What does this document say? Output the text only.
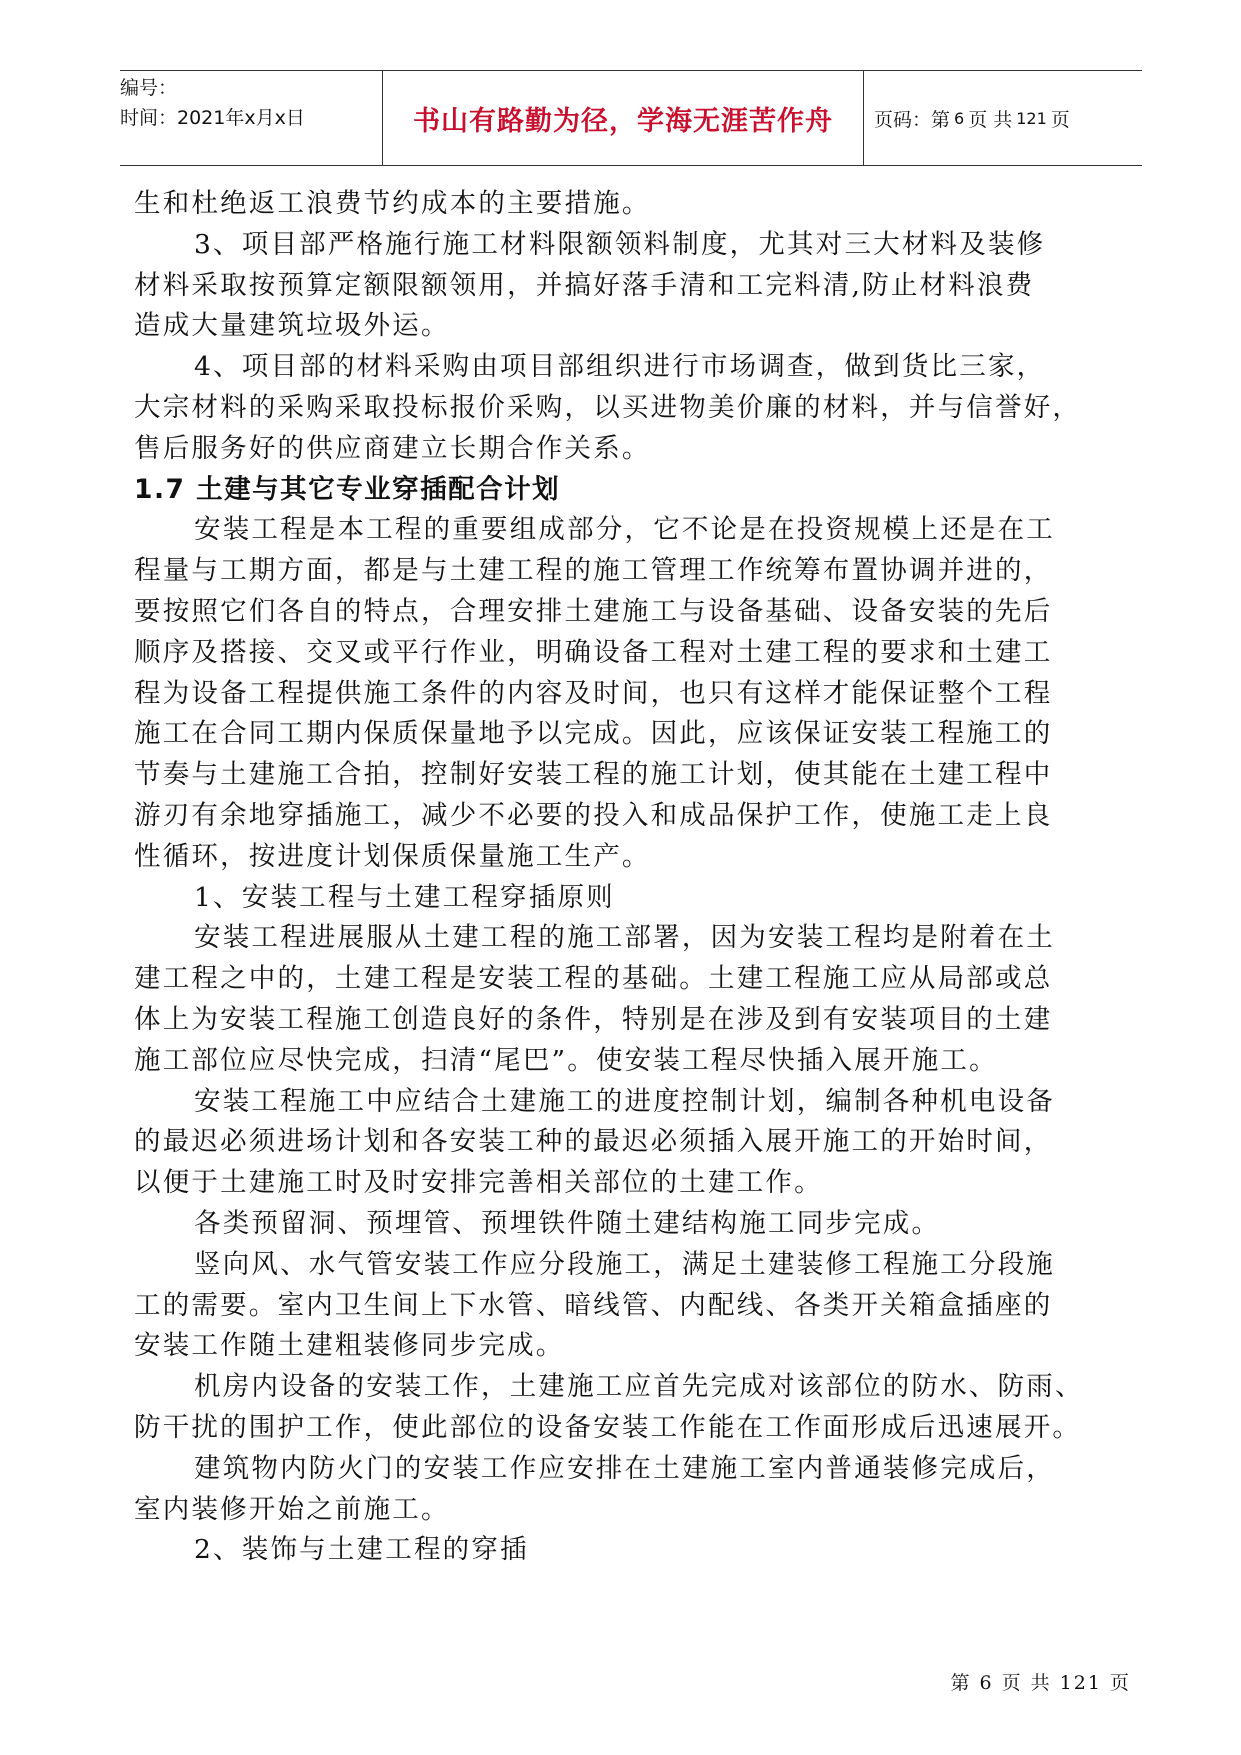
编号：
时间：2021年x月x日	书山有路勤为径，学海无涯苦作舟	页码：第 6 页 共 121 页

生和杜绝返工浪费节约成本的主要措施。

3、项目部严格施行施工材料限额领料制度，尤其对三大材料及装修

材料采取按预算定额限额领用，并搞好落手清和工完料清,防止材料浪费

造成大量建筑垃圾外运。

4、项目部的材料采购由项目部组织进行市场调查，做到货比三家，

大宗材料的采购采取投标报价采购，以买进物美价廉的材料，并与信誉好，

售后服务好的供应商建立长期合作关系。

1.7 土建与其它专业穿插配合计划

安装工程是本工程的重要组成部分，它不论是在投资规模上还是在工

程量与工期方面，都是与土建工程的施工管理工作统筹布置协调并进的，

要按照它们各自的特点，合理安排土建施工与设备基础、设备安装的先后

顺序及搭接、交叉或平行作业，明确设备工程对土建工程的要求和土建工

程为设备工程提供施工条件的内容及时间，也只有这样才能保证整个工程

施工在合同工期内保质保量地予以完成。因此，应该保证安装工程施工的

节奏与土建施工合拍，控制好安装工程的施工计划，使其能在土建工程中

游刃有余地穿插施工，减少不必要的投入和成品保护工作，使施工走上良

性循环，按进度计划保质保量施工生产。

1、安装工程与土建工程穿插原则

安装工程进展服从土建工程的施工部署，因为安装工程均是附着在土

建工程之中的，土建工程是安装工程的基础。土建工程施工应从局部或总

体上为安装工程施工创造良好的条件，特别是在涉及到有安装项目的土建

施工部位应尽快完成，扫清“尾巴”。使安装工程尽快插入展开施工。

安装工程施工中应结合土建施工的进度控制计划，编制各种机电设备

的最迟必须进场计划和各安装工种的最迟必须插入展开施工的开始时间，

以便于土建施工时及时安排完善相关部位的土建工作。

各类预留洞、预埋管、预埋铁件随土建结构施工同步完成。

竖向风、水气管安装工作应分段施工，满足土建装修工程施工分段施

工的需要。室内卫生间上下水管、暗线管、内配线、各类开关箱盒插座的

安装工作随土建粗装修同步完成。

机房内设备的安装工作，土建施工应首先完成对该部位的防水、防雨、

防干扰的围护工作，使此部位的设备安装工作能在工作面形成后迅速展开。

建筑物内防火门的安装工作应安排在土建施工室内普通装修完成后，

室内装修开始之前施工。

2、装饰与土建工程的穿插

第 6 页 共 121 页
